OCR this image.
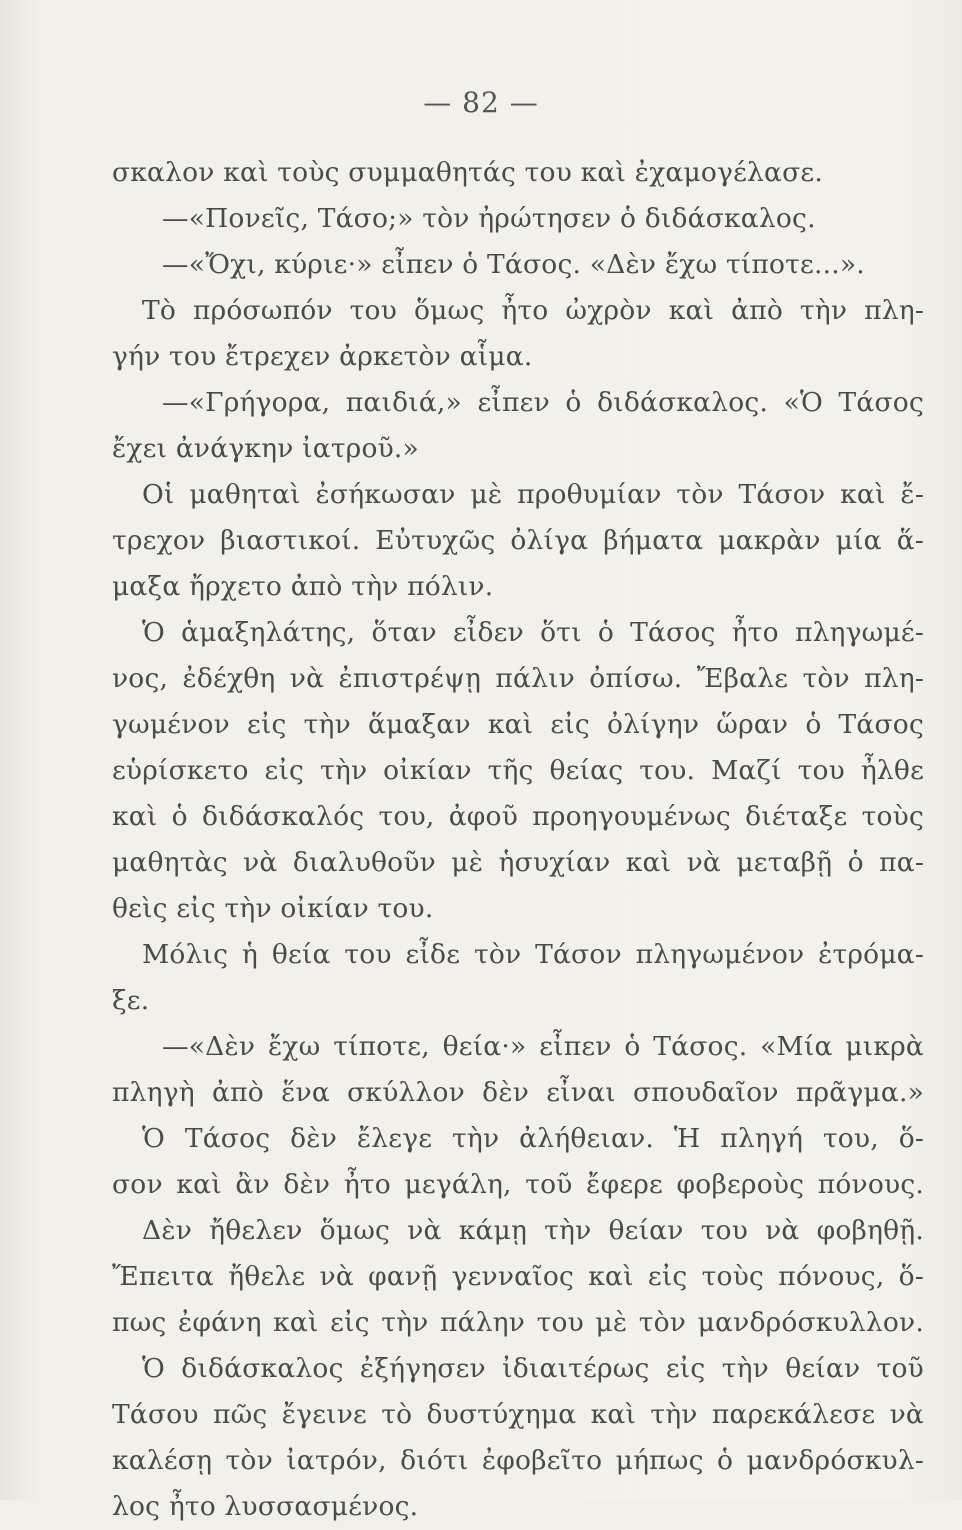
— 82 —
σκαλον καὶ τοὺς συμμαθητάς του καὶ ἐχαμογέλασε.
—«Πονεῖς, Τάσο;» τὸν ἠρώτησεν ὁ διδάσκαλος.
—«Ὄχι, κύριε·» εἶπεν ὁ Τάσος. «Δὲν ἔχω τίποτε...».
Τὸ πρόσωπόν του ὅμως ἦτο ὠχρὸν καὶ ἀπὸ τὴν πλη-
γήν του ἔτρεχεν ἀρκετὸν αἷμα.
—«Γρήγορα, παιδιά,» εἶπεν ὁ διδάσκαλος. «Ὁ Τάσος
ἔχει ἀνάγκην ἰατροῦ.»
Οἱ μαθηταὶ ἐσήκωσαν μὲ προθυμίαν τὸν Τάσον καὶ ἔ-
τρεχον βιαστικοί. Εὐτυχῶς ὀλίγα βήματα μακρὰν μία ἅ-
μαξα ἤρχετο ἀπὸ τὴν πόλιν.
Ὁ ἁμαξηλάτης, ὅταν εἶδεν ὅτι ὁ Τάσος ἦτο πληγωμέ-
νος, ἐδέχθη νὰ ἐπιστρέψῃ πάλιν ὀπίσω. Ἔβαλε τὸν πλη-
γωμένον εἰς τὴν ἅμαξαν καὶ εἰς ὀλίγην ὥραν ὁ Τάσος
εὑρίσκετο εἰς τὴν οἰκίαν τῆς θείας του. Μαζί του ἦλθε
καὶ ὁ διδάσκαλός του, ἀφοῦ προηγουμένως διέταξε τοὺς
μαθητὰς νὰ διαλυθοῦν μὲ ἡσυχίαν καὶ νὰ μεταβῇ ὁ πα-
θεὶς εἰς τὴν οἰκίαν του.
Μόλις ἡ θεία του εἶδε τὸν Τάσον πληγωμένον ἐτρόμα-
ξε.
—«Δὲν ἔχω τίποτε, θεία·» εἶπεν ὁ Τάσος. «Μία μικρὰ
πληγὴ ἀπὸ ἕνα σκύλλον δὲν εἶναι σπουδαῖον πρᾶγμα.»
Ὁ Τάσος δὲν ἔλεγε τὴν ἀλήθειαν. Ἡ πληγή του, ὅ-
σον καὶ ἂν δὲν ἦτο μεγάλη, τοῦ ἔφερε φοβεροὺς πόνους.
Δὲν ἤθελεν ὅμως νὰ κάμῃ τὴν θείαν του νὰ φοβηθῇ.
Ἔπειτα ἤθελε νὰ φανῇ γενναῖος καὶ εἰς τοὺς πόνους, ὅ-
πως ἐφάνη καὶ εἰς τὴν πάλην του μὲ τὸν μανδρόσκυλλον.
Ὁ διδάσκαλος ἐξήγησεν ἰδιαιτέρως εἰς τὴν θείαν τοῦ
Τάσου πῶς ἔγεινε τὸ δυστύχημα καὶ τὴν παρεκάλεσε νὰ
καλέσῃ τὸν ἰατρόν, διότι ἐφοβεῖτο μήπως ὁ μανδρόσκυλ-
λος ἦτο λυσσασμένος.
